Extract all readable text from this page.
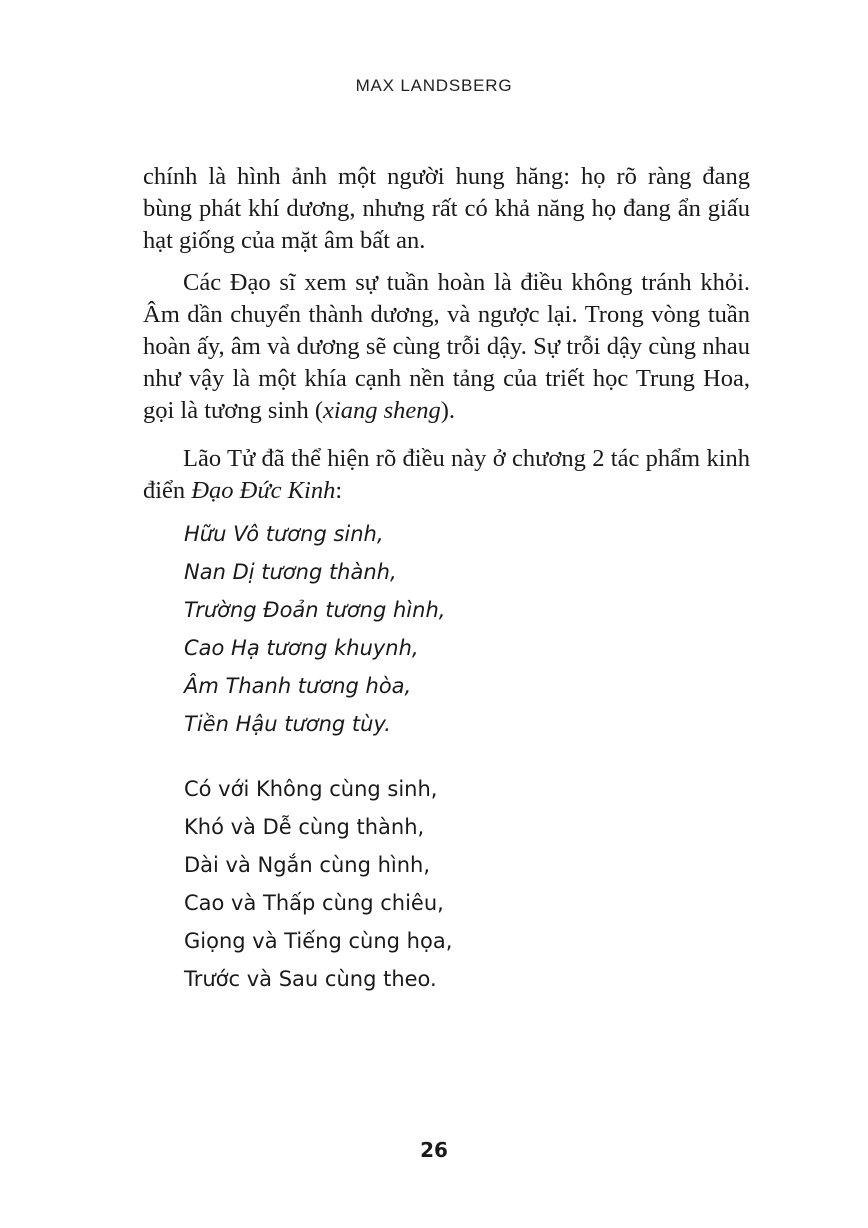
MAX LANDSBERG

chính là hình ảnh một người hung hăng: họ rõ ràng đang bùng phát khí dương, nhưng rất có khả năng họ đang ẩn giấu hạt giống của mặt âm bất an.

Các Đạo sĩ xem sự tuần hoàn là điều không tránh khỏi. Âm dần chuyển thành dương, và ngược lại. Trong vòng tuần hoàn ấy, âm và dương sẽ cùng trỗi dậy. Sự trỗi dậy cùng nhau như vậy là một khía cạnh nền tảng của triết học Trung Hoa, gọi là tương sinh (xiang sheng).

Lão Tử đã thể hiện rõ điều này ở chương 2 tác phẩm kinh điển Đạo Đức Kinh:

Hữu Vô tương sinh,
Nan Dị tương thành,
Trường Đoản tương hình,
Cao Hạ tương khuynh,
Âm Thanh tương hòa,
Tiền Hậu tương tùy.
Có với Không cùng sinh,
Khó và Dễ cùng thành,
Dài và Ngắn cùng hình,
Cao và Thấp cùng chiêu,
Giọng và Tiếng cùng họa,
Trước và Sau cùng theo.
26
